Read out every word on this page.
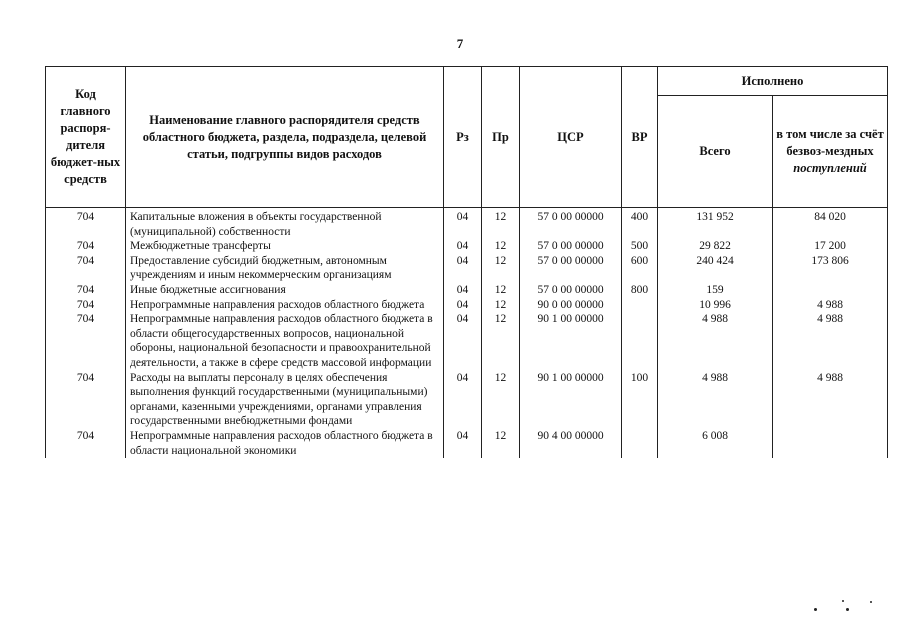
7
Код главного распоря-дителя бюджет-ных средств	Наименование главного распорядителя средств областного бюджета, раздела, подраздела, целевой статьи, подгруппы видов расходов	Рз	Пр	ЦСР	ВР	Исполнено	
						Всего	в том числе за счёт безвоз-мездных поступлений
704	Капитальные вложения в объекты государственной (муниципальной) собственности	04	12	57 0 00 00000	400	131 952	84 020
704	Межбюджетные трансферты	04	12	57 0 00 00000	500	29 822	17 200
704	Предоставление субсидий бюджетным, автономным учреждениям и иным некоммерческим организациям	04	12	57 0 00 00000	600	240 424	173 806
704	Иные бюджетные ассигнования	04	12	57 0 00 00000	800	159	
704	Непрограммные направления расходов областного бюджета	04	12	90 0 00 00000		10 996	4 988
704	Непрограммные направления расходов областного бюджета в области общегосударственных вопросов, национальной обороны, национальной безопасности и правоохранительной деятельности, а также в сфере средств массовой информации	04	12	90 1 00 00000		4 988	4 988
704	Расходы на выплаты персоналу в целях обеспечения выполнения функций государственными (муниципальными) органами, казенными учреждениями, органами управления государственными внебюджетными фондами	04	12	90 1 00 00000	100	4 988	4 988
704	Непрограммные направления расходов областного бюджета в области национальной экономики	04	12	90 4 00 00000		6 008	
